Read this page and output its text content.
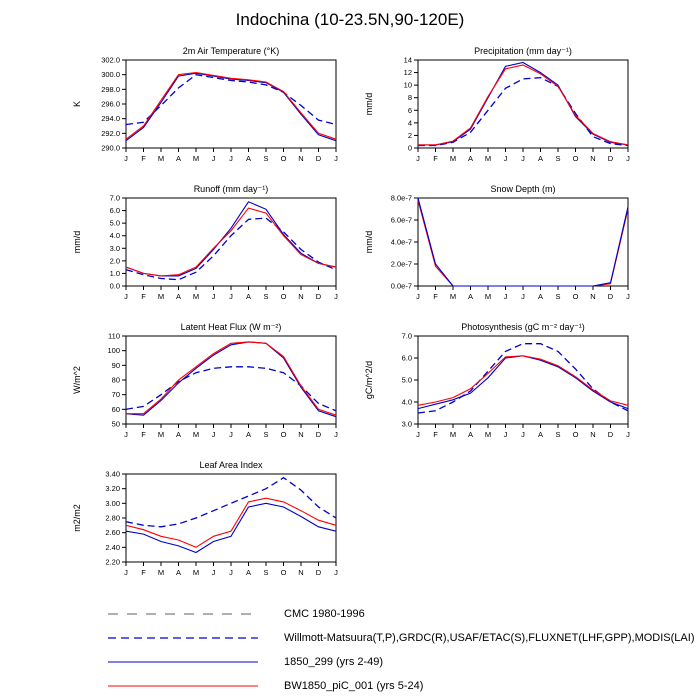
Indochina (10-23.5N,90-120E)
2m Air Temperature (°K)
K
290.0
292.0
294.0
296.0
298.0
300.0
302.0
J F M A M J J A S O N D J
Precipitation (mm day⁻¹)
mm/d
0
2
4
6
8
10
12
14
J F M A M J J A S O N D J
Runoff (mm day⁻¹)
mm/d
0.0
1.0
2.0
3.0
4.0
5.0
6.0
7.0
J F M A M J J A S O N D J
Snow Depth (m)
mm/d
0.0e-7
2.0e-7
4.0e-7
6.0e-7
8.0e-7
J F M A M J J A S O N D J
Latent Heat Flux (W m⁻²)
W/m^2
50
60
70
80
90
100
110
J F M A M J J A S O N D J
Photosynthesis (gC m⁻² day⁻¹)
gC/m^2/d
3.0
4.0
5.0
6.0
7.0
J F M A M J J A S O N D J
Leaf Area Index
m2/m2
2.20
2.40
2.60
2.80
3.00
3.20
3.40
J F M A M J J A S O N D J
CMC 1980-1996
Willmott-Matsuura(T,P),GRDC(R),USAF/ETAC(S),FLUXNET(LHF,GPP),MODIS(LAI)
1850_299 (yrs 2-49)
BW1850_piC_001 (yrs 5-24)
